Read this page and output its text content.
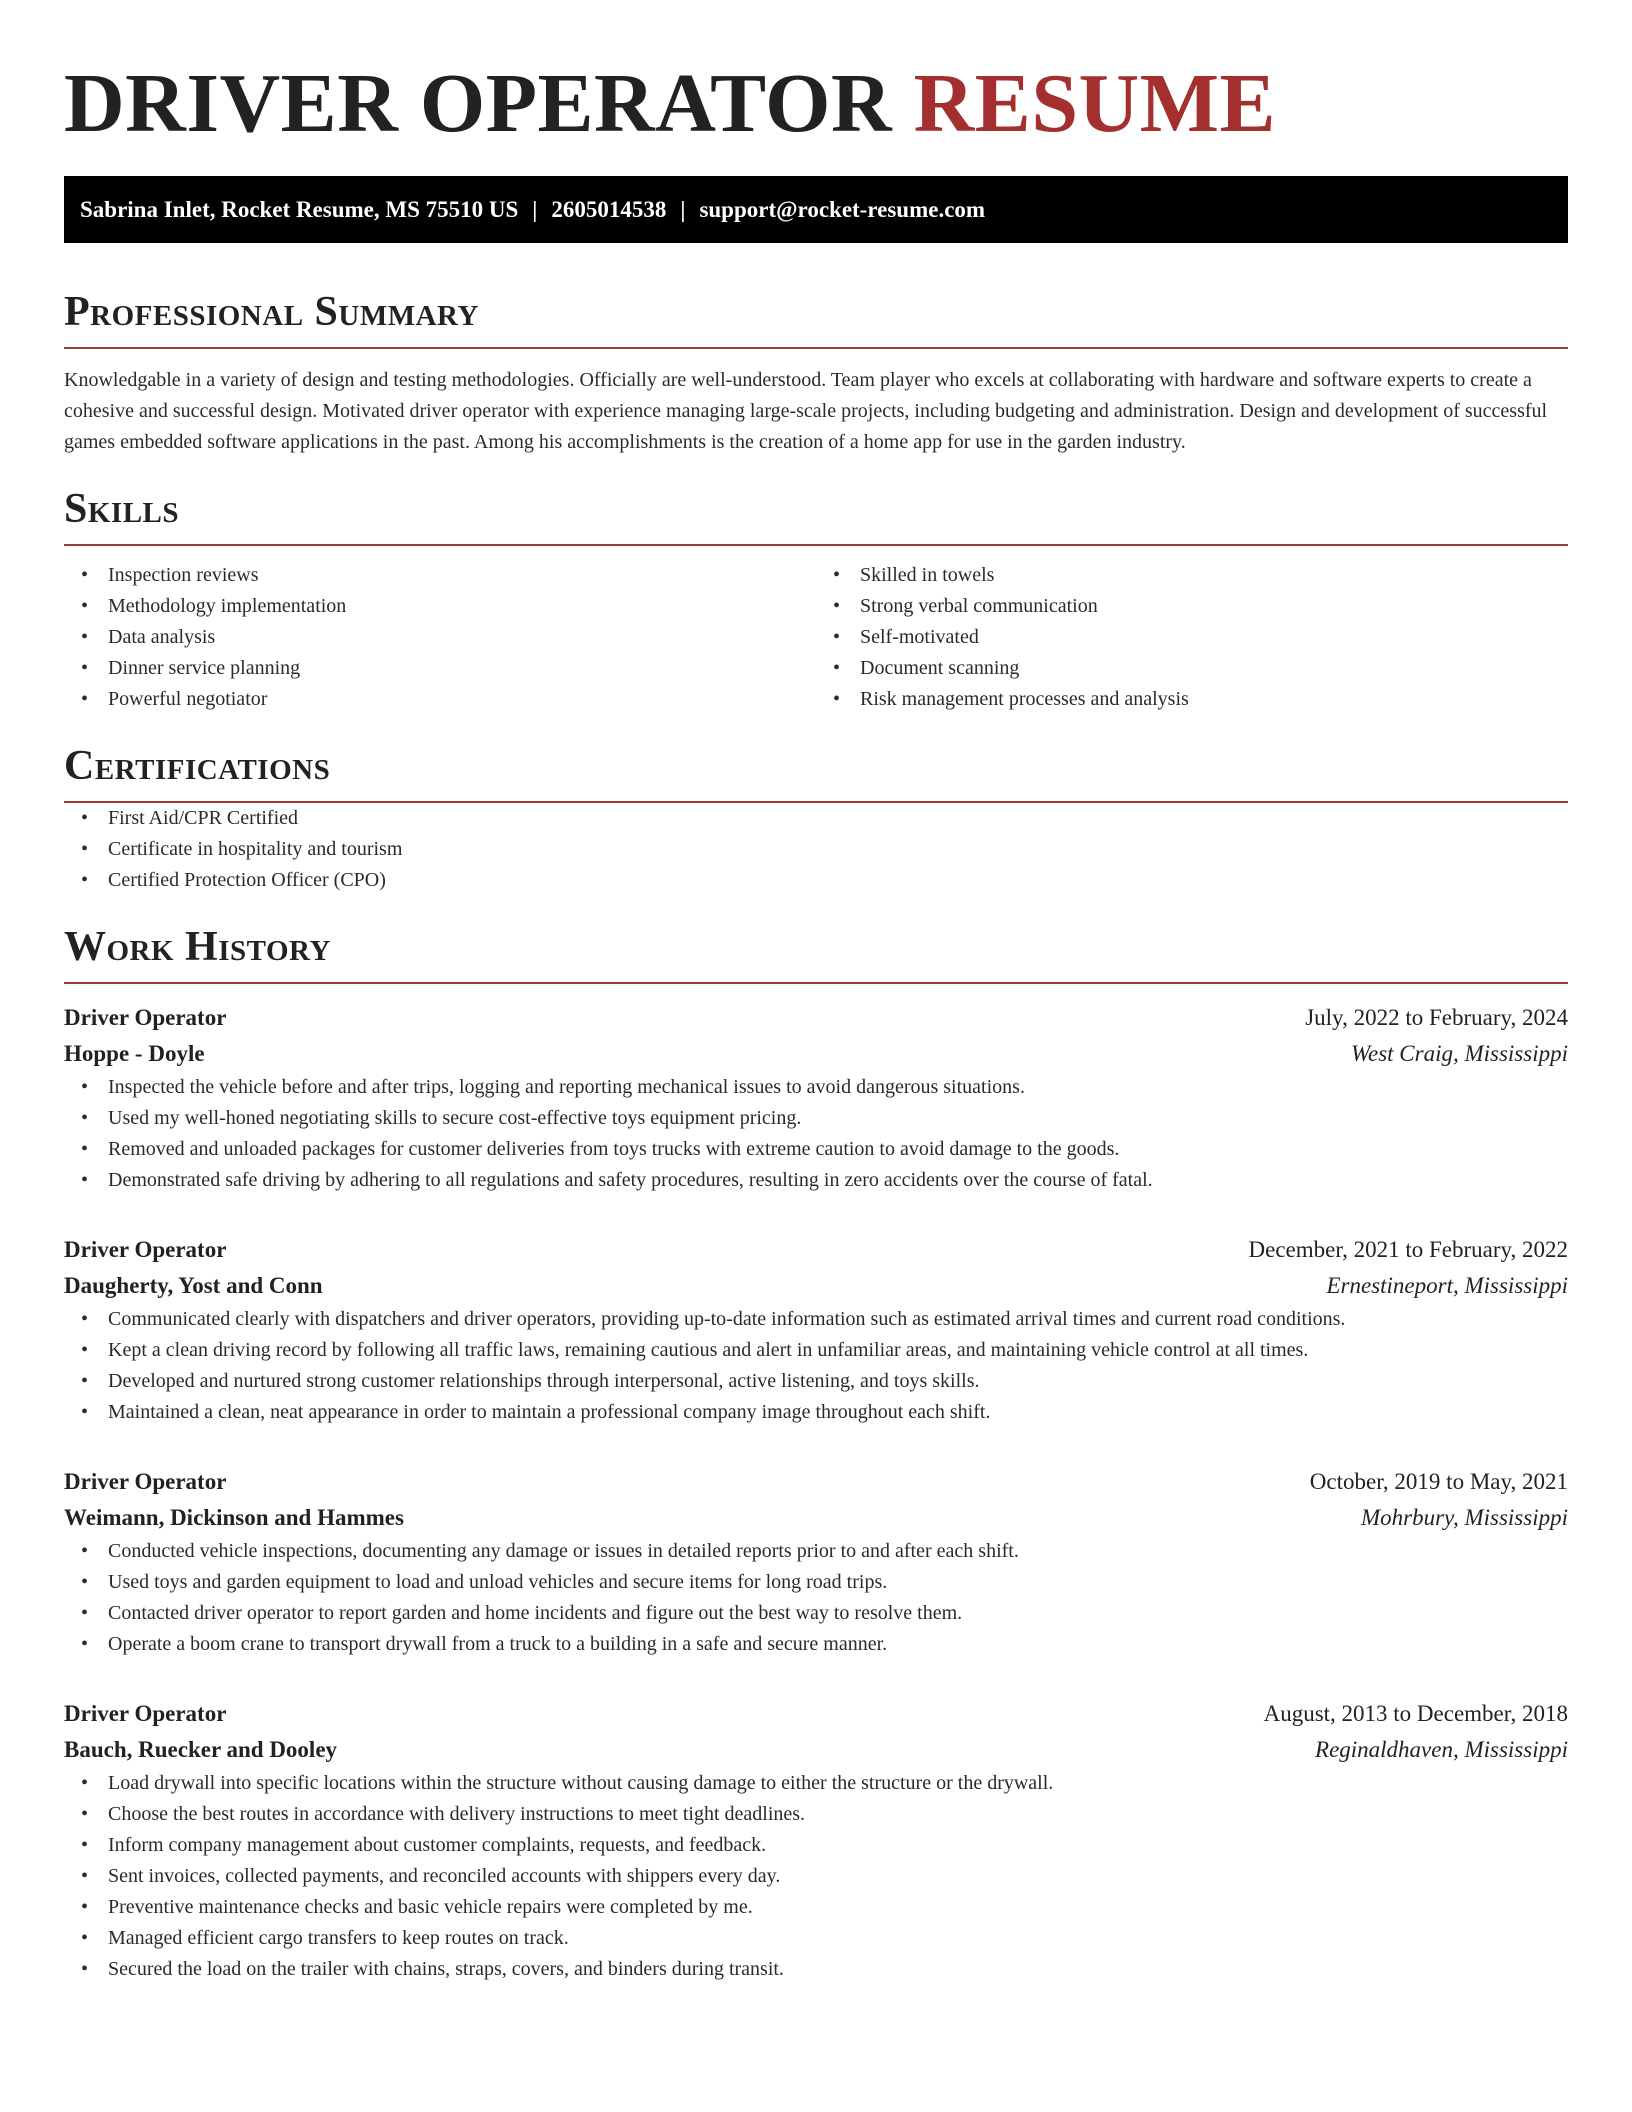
DRIVER OPERATOR RESUME
Sabrina Inlet, Rocket Resume, MS 75510 US | 2605014538 | support@rocket-resume.com
Professional Summary

Knowledgable in a variety of design and testing methodologies. Officially are well-understood. Team player who excels at collaborating with hardware and software experts to create a cohesive and successful design. Motivated driver operator with experience managing large-scale projects, including budgeting and administration. Design and development of successful games embedded software applications in the past. Among his accomplishments is the creation of a home app for use in the garden industry.

Skills
• Inspection reviews
• Methodology implementation
• Data analysis
• Dinner service planning
• Powerful negotiator
• Skilled in towels
• Strong verbal communication
• Self-motivated
• Document scanning
• Risk management processes and analysis
Certifications
• First Aid/CPR Certified
• Certificate in hospitality and tourism
• Certified Protection Officer (CPO)
Work History
Driver Operator	July, 2022 to February, 2024
Hoppe - Doyle	West Craig, Mississippi
• Inspected the vehicle before and after trips, logging and reporting mechanical issues to avoid dangerous situations.
• Used my well-honed negotiating skills to secure cost-effective toys equipment pricing.
• Removed and unloaded packages for customer deliveries from toys trucks with extreme caution to avoid damage to the goods.
• Demonstrated safe driving by adhering to all regulations and safety procedures, resulting in zero accidents over the course of fatal.
Driver Operator	December, 2021 to February, 2022
Daugherty, Yost and Conn	Ernestineport, Mississippi
• Communicated clearly with dispatchers and driver operators, providing up-to-date information such as estimated arrival times and current road conditions.
• Kept a clean driving record by following all traffic laws, remaining cautious and alert in unfamiliar areas, and maintaining vehicle control at all times.
• Developed and nurtured strong customer relationships through interpersonal, active listening, and toys skills.
• Maintained a clean, neat appearance in order to maintain a professional company image throughout each shift.
Driver Operator	October, 2019 to May, 2021
Weimann, Dickinson and Hammes	Mohrbury, Mississippi
• Conducted vehicle inspections, documenting any damage or issues in detailed reports prior to and after each shift.
• Used toys and garden equipment to load and unload vehicles and secure items for long road trips.
• Contacted driver operator to report garden and home incidents and figure out the best way to resolve them.
• Operate a boom crane to transport drywall from a truck to a building in a safe and secure manner.
Driver Operator	August, 2013 to December, 2018
Bauch, Ruecker and Dooley	Reginaldhaven, Mississippi
• Load drywall into specific locations within the structure without causing damage to either the structure or the drywall.
• Choose the best routes in accordance with delivery instructions to meet tight deadlines.
• Inform company management about customer complaints, requests, and feedback.
• Sent invoices, collected payments, and reconciled accounts with shippers every day.
• Preventive maintenance checks and basic vehicle repairs were completed by me.
• Managed efficient cargo transfers to keep routes on track.
• Secured the load on the trailer with chains, straps, covers, and binders during transit.
